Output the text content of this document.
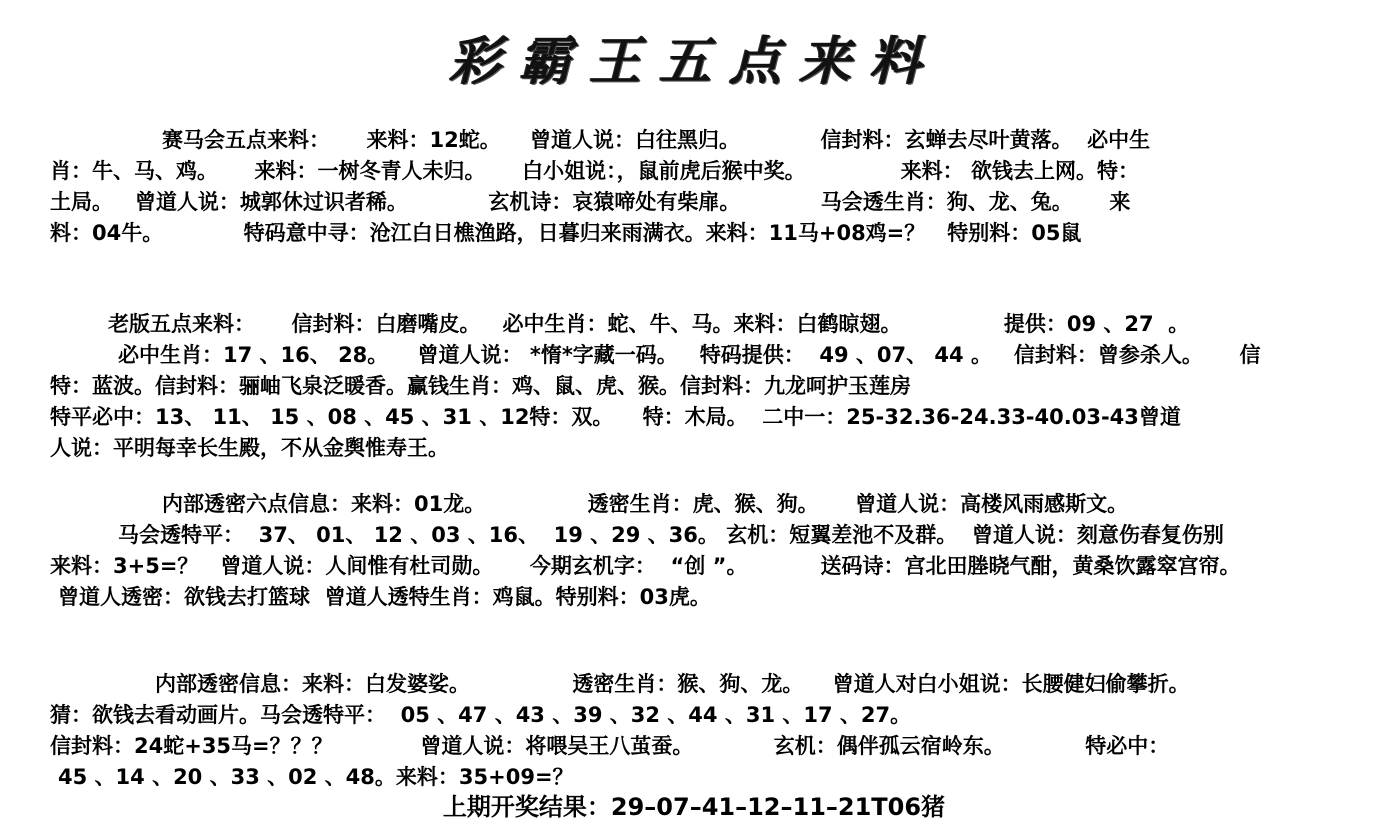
彩霸王五点来料
赛马会五点来料：     来料：12蛇。    曾道人说：白往黑归。           信封料：玄蝉去尽叶黄落。  必中生
肖：牛、马、鸡。     来料：一树冬青人未归。     白小姐说：，鼠前虎后猴中奖。             来料： 欲钱去上网。特：
土局。   曾道人说：城郭休过识者稀。           玄机诗：哀猿啼处有柴扉。           马会透生肖：狗、龙、兔。     来
料：04牛。           特码意中寻：沧江白日樵渔路，日暮归来雨满衣。来料：11马+08鸡=？   特别料：05鼠
老版五点来料：     信封料：白磨嘴皮。   必中生肖：蛇、牛、马。来料：白鹤晾翅。              提供：09 、27  。
必中生肖：17 、16、 28。    曾道人说： *惰*字藏一码。   特码提供：  49 、07、 44 。   信封料：曾参杀人。     信
特：蓝波。信封料：骊岫飞泉泛暖香。赢钱生肖：鸡、鼠、虎、猴。信封料：九龙呵护玉莲房
特平必中：13、 11、 15 、08 、45 、31 、12特：双。    特：木局。  二中一：25-32.36-24.33-40.03-43曾道
人说：平明每幸长生殿，不从金舆惟寿王。
内部透密六点信息：来料：01龙。              透密生肖：虎、猴、狗。     曾道人说：高楼风雨感斯文。
马会透特平：  37、 01、 12 、03 、16、  19 、29 、36。 玄机：短翼差池不及群。  曾道人说：刻意伤春复伤别
来料：3+5=？   曾道人说：人间惟有杜司勋。     今期玄机字：  “创 ”。          送码诗：宫北田塍晓气酣，黄桑饮露窣宫帘。
曾道人透密：欲钱去打篮球  曾道人透特生肖：鸡鼠。特别料：03虎。
内部透密信息：来料：白发婆娑。              透密生肖：猴、狗、龙。    曾道人对白小姐说：长腰健妇偷攀折。
猜：欲钱去看动画片。马会透特平：  05 、47 、43 、39 、32 、44 、31 、17 、27。
信封料：24蛇+35马=？？？            曾道人说：将喂吴王八茧蚕。           玄机：偶伴孤云宿岭东。           特必中：
45 、14 、20 、33 、02 、48。来料：35+09=？
上期开奖结果：29–07–41–12–11–21T06猪
